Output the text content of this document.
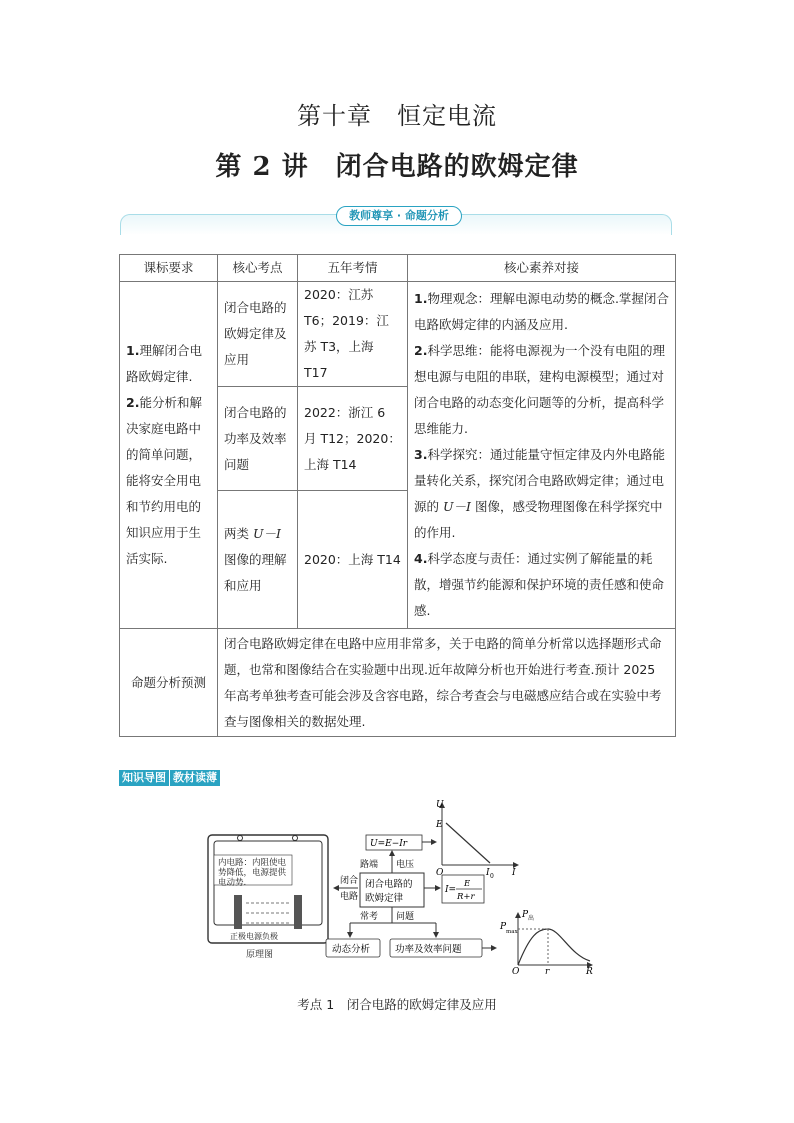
第十章　恒定电流
第 2 讲　闭合电路的欧姆定律
教师尊享 · 命题分析
课标要求	核心考点	五年考情	核心素养对接
1.理解闭合电路欧姆定律.
2.能分析和解决家庭电路中的简单问题，能将安全用电和节约用电的知识应用于生活实际.	闭合电路的欧姆定律及应用	2020：江苏 T6；2019：江苏 T3，上海 T17	1.物理观念：理解电源电动势的概念.掌握闭合电路欧姆定律的内涵及应用.
2.科学思维：能将电源视为一个没有电阻的理想电源与电阻的串联，建构电源模型；通过对闭合电路的动态变化问题等的分析，提高科学思维能力.
3.科学探究：通过能量守恒定律及内外电路能量转化关系，探究闭合电路欧姆定律；通过电源的 U－I 图像，感受物理图像在科学探究中的作用.
4.科学态度与责任：通过实例了解能量的耗散，增强节约能源和保护环境的责任感和使命感.
	闭合电路的功率及效率问题	2022：浙江 6 月 T12；2020：上海 T14	
	两类 U－I 图像的理解和应用	2020：上海 T14	
命题分析预测	闭合电路欧姆定律在电路中应用非常多，关于电路的简单分析常以选择题形式命题，也常和图像结合在实验题中出现.近年故障分析也开始进行考查.预计 2025 年高考单独考查可能会涉及含容电路，综合考查会与电磁感应结合或在实验中考查与图像相关的数据处理.		
知识导图 教材读薄
内电路：内阻使电
势降低，电源提供
电动势.
正极电源负极
原理图
闭合
电路
闭合电路的
欧姆定律
路端 电压
U=E−Ir
I=
E
R+r
常考 问题
动态分析	功率及效率问题
U
E
O	I 0 I
P 出
P max
O	r	R
考点 1　闭合电路的欧姆定律及应用
